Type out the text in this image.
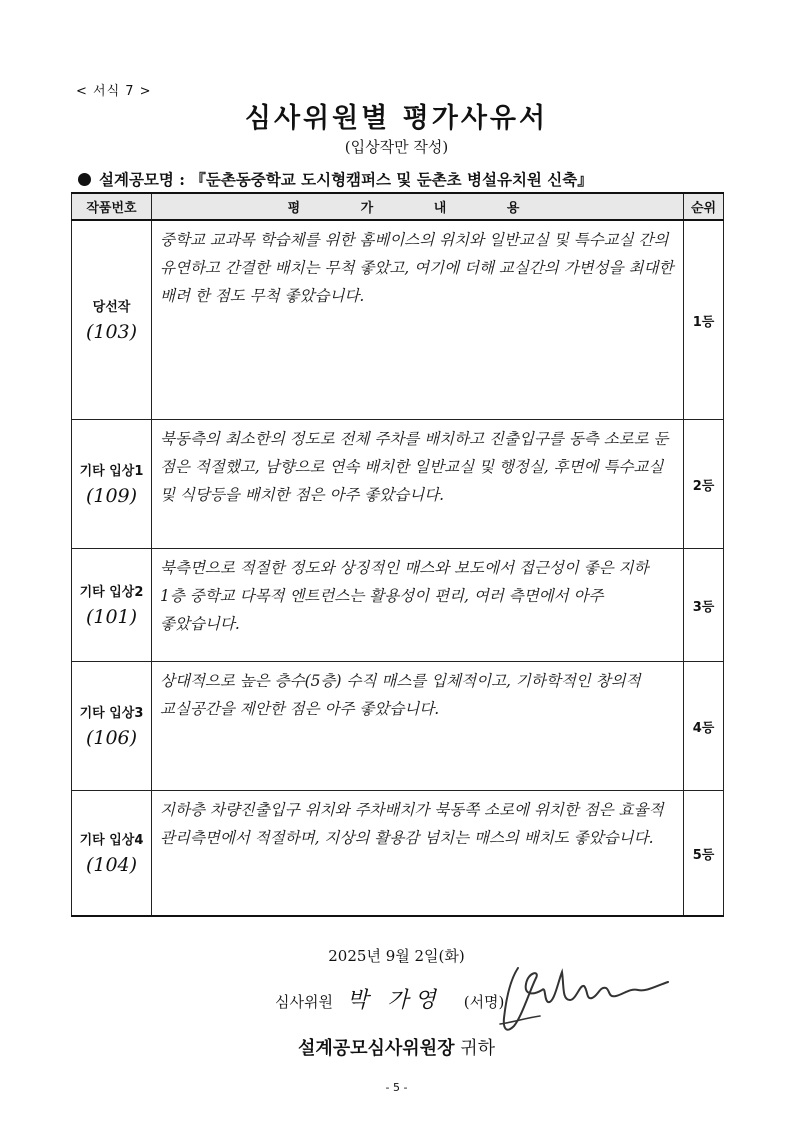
< 서식 7 >
심사위원별 평가사유서
(입상작만 작성)
설계공모명 : 『둔촌동중학교 도시형캠퍼스 및 둔촌초 병설유치원 신축』
작품번호	평 가 내 용	순위

당선작
(103)	중학교 교과목 학습체를 위한 홈베이스의 위치와 일반교실 및 특수교실 간의 유연하고 간결한 배치는 무척 좋았고, 여기에 더해 교실간의 가변성을 최대한 배려 한 점도 무척 좋았습니다.	1등

기타 입상1
(109)	북동측의 최소한의 정도로 전체 주차를 배치하고 진출입구를 동측 소로로 둔 점은 적절했고, 남향으로 연속 배치한 일반교실 및 행정실, 후면에 특수교실 및 식당등을 배치한 점은 아주 좋았습니다.	2등

기타 입상2
(101)	북측면으로 적절한 정도와 상징적인 매스와 보도에서 접근성이 좋은 지하 1층 중학교 다목적 엔트런스는 활용성이 편리, 여러 측면에서 아주 좋았습니다.	3등

기타 입상3
(106)	상대적으로 높은 층수(5층) 수직 매스를 입체적이고, 기하학적인 창의적 교실공간을 제안한 점은 아주 좋았습니다.	4등

기타 입상4
(104)	지하층 차량진출입구 위치와 주차배치가 북동쪽 소로에 위치한 점은 효율적 관리측면에서 적절하며, 지상의 활용감 넘치는 매스의 배치도 좋았습니다.	5등
2025년 9월 2일(화)
심사위원 박 가영 (서명)
설계공모심사위원장 귀하
- 5 -
